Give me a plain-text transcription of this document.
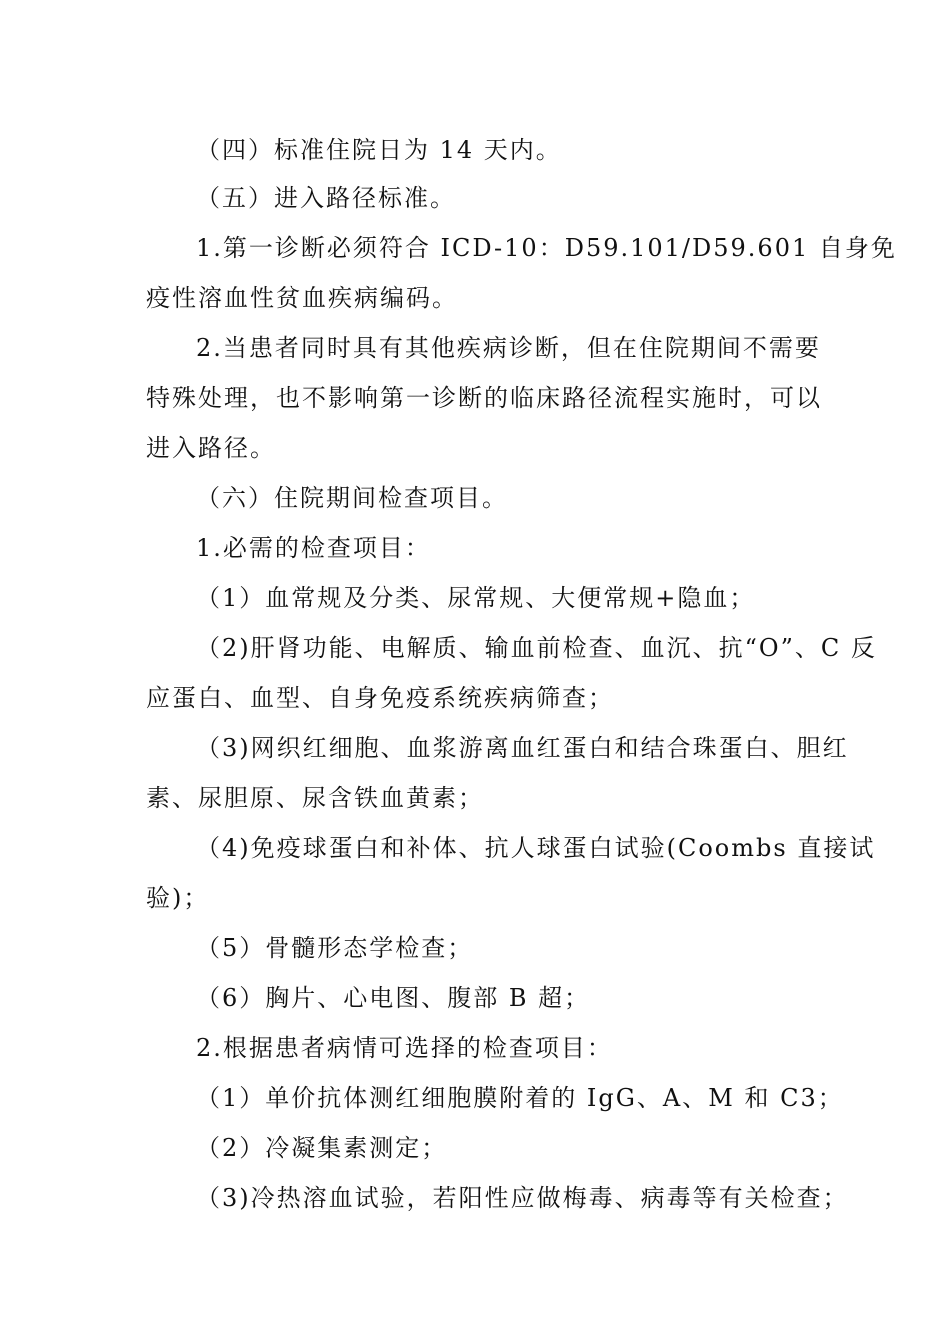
（四）标准住院日为 14 天内。
（五）进入路径标准。
1.第一诊断必须符合 ICD-10：D59.101/D59.601 自身免
疫性溶血性贫血疾病编码。
2.当患者同时具有其他疾病诊断，但在住院期间不需要
特殊处理，也不影响第一诊断的临床路径流程实施时，可以
进入路径。
（六）住院期间检查项目。
1.必需的检查项目：
（1）血常规及分类、尿常规、大便常规+隐血；
（2)肝肾功能、电解质、输血前检查、血沉、抗“O”、C 反
应蛋白、血型、自身免疫系统疾病筛查；
（3)网织红细胞、血浆游离血红蛋白和结合珠蛋白、胆红
素、尿胆原、尿含铁血黄素；
（4)免疫球蛋白和补体、抗人球蛋白试验(Coombs 直接试
验)；
（5）骨髓形态学检查；
（6）胸片、心电图、腹部 B 超；
2.根据患者病情可选择的检查项目：
（1）单价抗体测红细胞膜附着的 IgG、A、M 和 C3；
（2）冷凝集素测定；
（3)冷热溶血试验，若阳性应做梅毒、病毒等有关检查；
